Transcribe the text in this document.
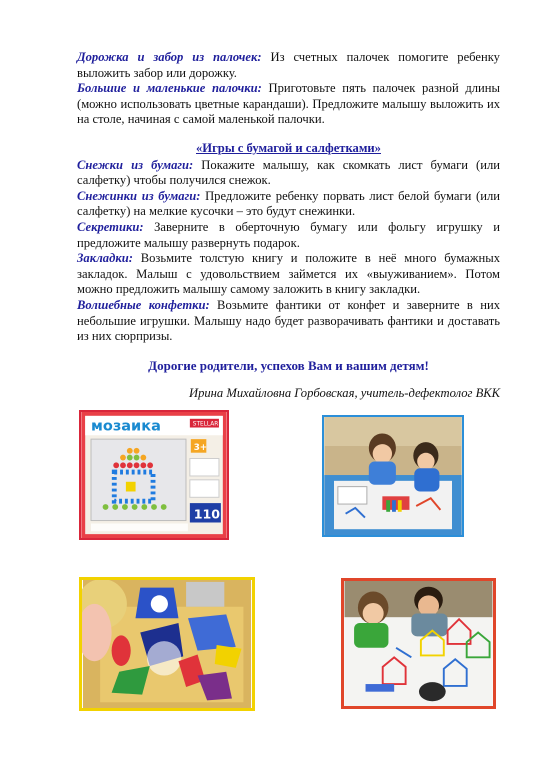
Дорожка и забор из палочек: Из счетных палочек помогите ребенку выложить забор или дорожку.

Большие и маленькие палочки: Приготовьте пять палочек разной длины (можно использовать цветные карандаши). Предложите малышу выложить их на столе, начиная с самой маленькой палочки.

«Игры с бумагой и салфетками»

Снежки из бумаги: Покажите малышу, как скомкать лист бумаги (или салфетку) чтобы получился снежок.

Снежинки из бумаги: Предложите ребенку порвать лист белой бумаги (или салфетку) на мелкие кусочки – это будут снежинки.

Секретики: Заверните в оберточную бумагу или фольгу игрушку и предложите малышу развернуть подарок.

Закладки: Возьмите толстую книгу и положите в неё много бумажных закладок. Малыш с удовольствием займется их «выуживанием». Потом можно предложить малышу самому заложить в книгу закладки.

Волшебные конфетки: Возьмите фантики от конфет и заверните в них небольшие игрушки. Малышу надо будет разворачивать фантики и доставать из них сюрпризы.

Дорогие родители, успехов Вам и вашим детям!
Ирина Михайловна Горбовская, учитель-дефектолог ВКК
мозаика	STELLAR
3+
110
